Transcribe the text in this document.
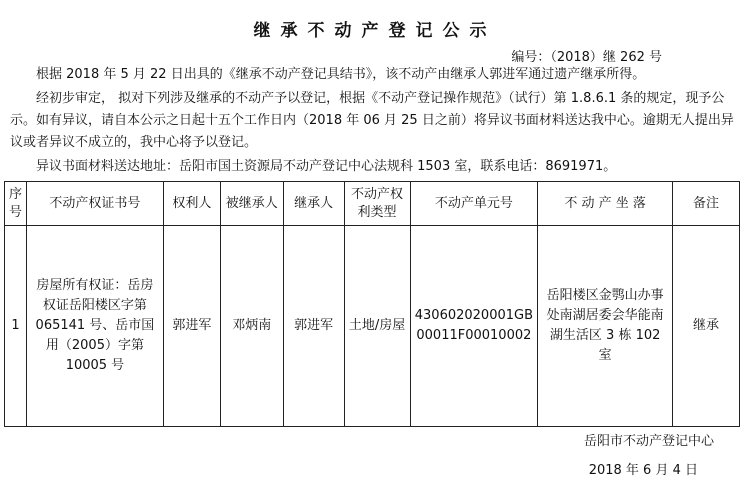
继承不动产登记公示
编号：（2018）继 262 号
根据 2018 年 5 月 22 日出具的《继承不动产登记具结书》，该不动产由继承人郭进军通过遗产继承所得。
经初步审定， 拟对下列涉及继承的不动产予以登记，根据《不动产登记操作规范》（试行）第 1.8.6.1 条的规定，现予公示。如有异议，请自本公示之日起十五个工作日内（2018 年 06 月 25 日之前）将异议书面材料送达我中心。逾期无人提出异议或者异议不成立的，我中心将予以登记。
异议书面材料送达地址：岳阳市国土资源局不动产登记中心法规科 1503 室，联系电话：8691971。
序号	不动产权证书号	权利人	被继承人	继承人	不动产权利类型	不动产单元号	不 动 产 坐 落	备注
1	房屋所有权证：岳房权证岳阳楼区字第 065141 号、岳市国用（2005）字第 10005 号	郭进军	邓炳南	郭进军	土地/房屋	430602020001GB00011F00010002	岳阳楼区金鹗山办事处南湖居委会华能南湖生活区 3 栋 102 室	继承
岳阳市不动产登记中心
2018 年 6 月 4 日
